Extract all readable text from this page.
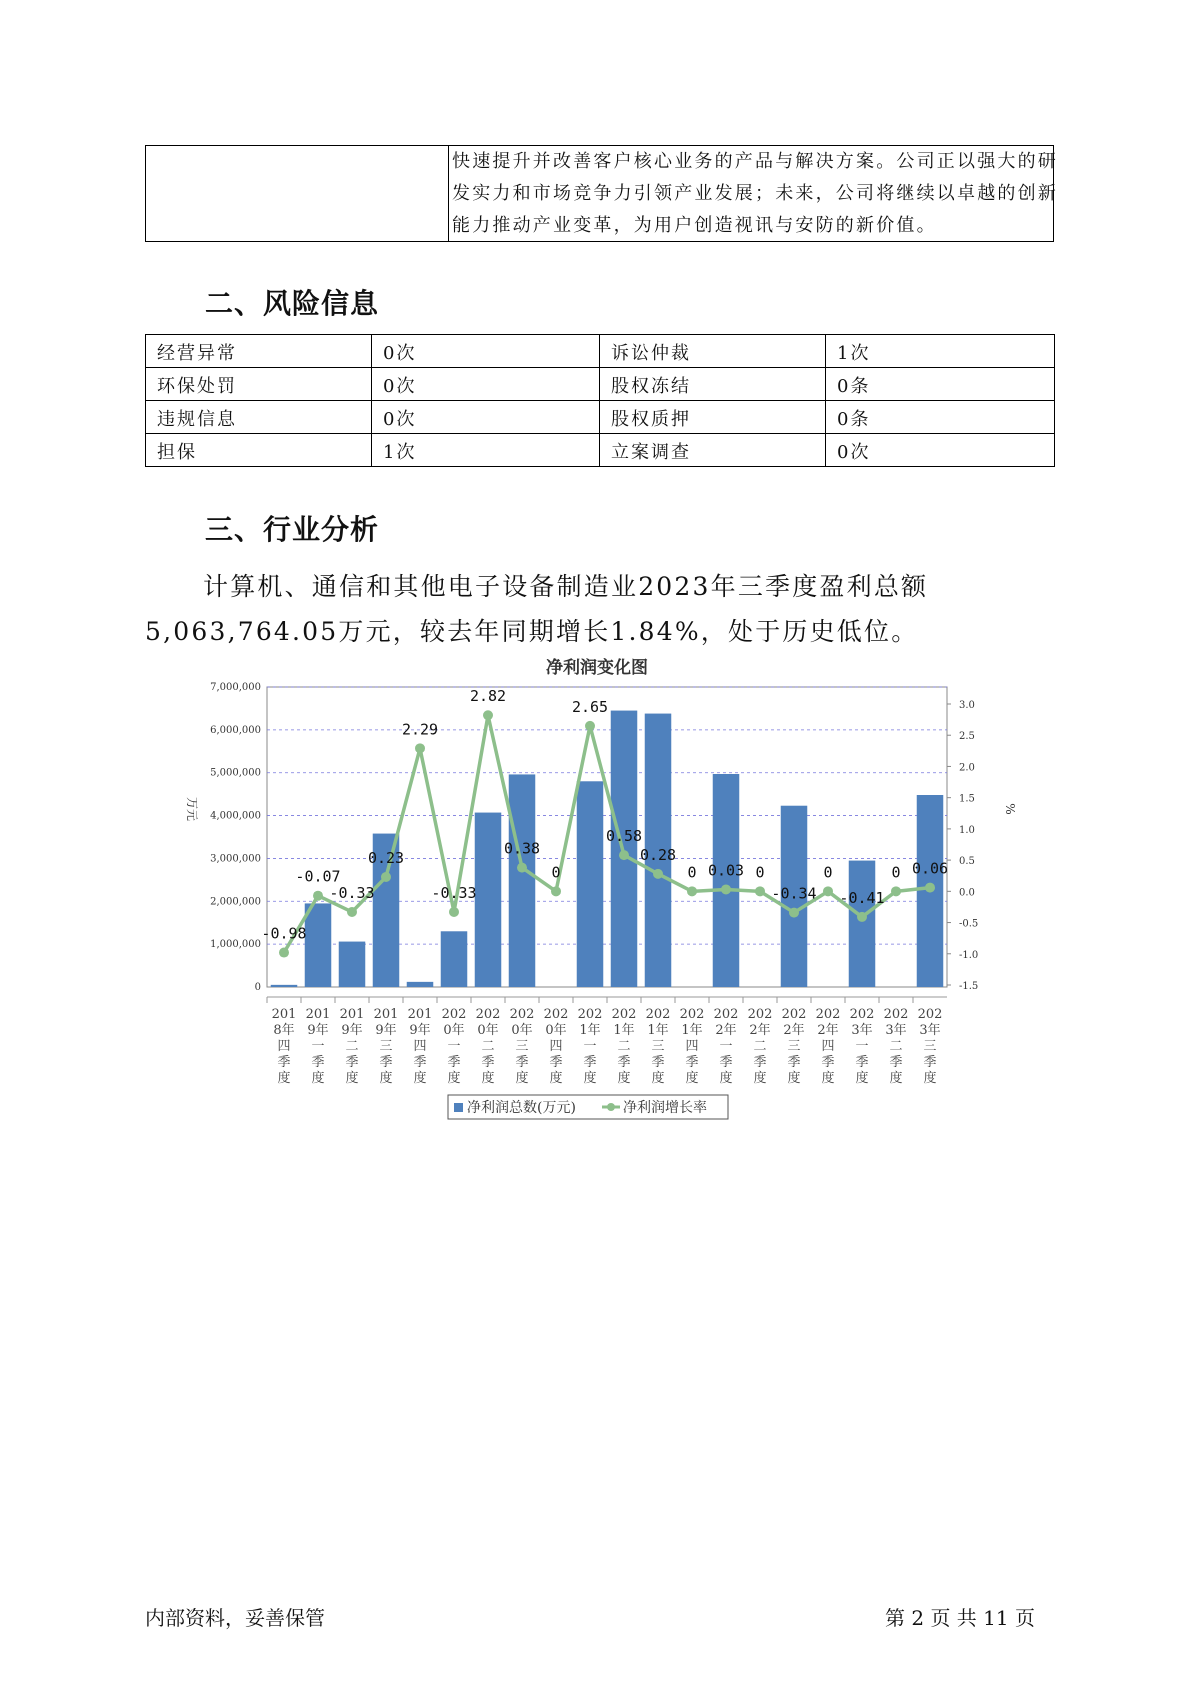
快速提升并改善客户核心业务的产品与解决方案。公司正以强大的研
发实力和市场竞争力引领产业发展；未来，公司将继续以卓越的创新
能力推动产业变革，为用户创造视讯与安防的新价值。
二、风险信息
经营异常	0次	诉讼仲裁	1次
环保处罚	0次	股权冻结	0条
违规信息	0次	股权质押	0条
担保	1次	立案调查	0次
三、行业分析
计算机、通信和其他电子设备制造业2023年三季度盈利总额
5,063,764.05万元，较去年同期增长1.84%，处于历史低位。
净利润变化图
0
1,000,000
2,000,000
3,000,000
4,000,000
5,000,000
6,000,000
7,000,000
-1.5
-1.0
-0.5
0.0
0.5
1.0
1.5
2.0
2.5
3.0
万元	%
201
8年
四
季
度
201
9年
一
季
度
201
9年
二
季
度
201
9年
三
季
度
201
9年
四
季
度
202
0年
一
季
度
202
0年
二
季
度
202
0年
三
季
度
202
0年
四
季
度
202
1年
一
季
度
202
1年
二
季
度
202
1年
三
季
度
202
1年
四
季
度
202
2年
一
季
度
202
2年
二
季
度
202
2年
三
季
度
202
2年
四
季
度
202
3年
一
季
度
202
3年
二
季
度
202
3年
三
季
度
-0.98
-0.07
-0.33
0.23
2.29
-0.33
2.82
0.38
0
2.65
0.58
0.28
0 0.03 0
-0.34
0
-0.41
0 0.06
净利润总数(万元)	净利润增长率
内部资料，妥善保管	第 2 页 共 11 页
